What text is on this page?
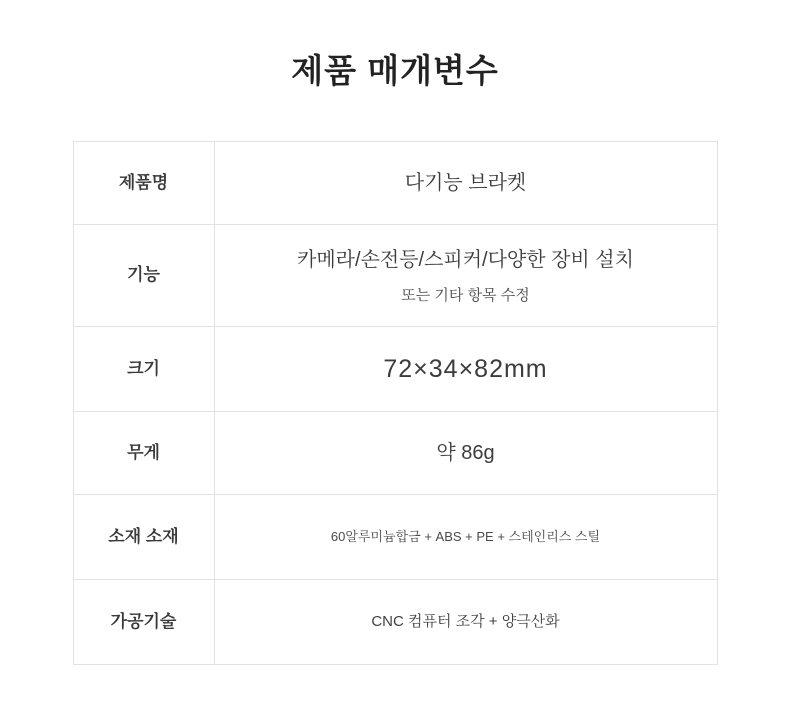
제품 매개변수
제품명	다기능 브라켓

기능	카메라/손전등/스피커/다양한 장비 설치
또는 기타 항목 수정

크기	72×34×82mm

무게	약 86g

소재 소재	60알루미늄합금 + ABS + PE + 스테인리스 스틸

가공기술	CNC 컴퓨터 조각 + 양극산화
